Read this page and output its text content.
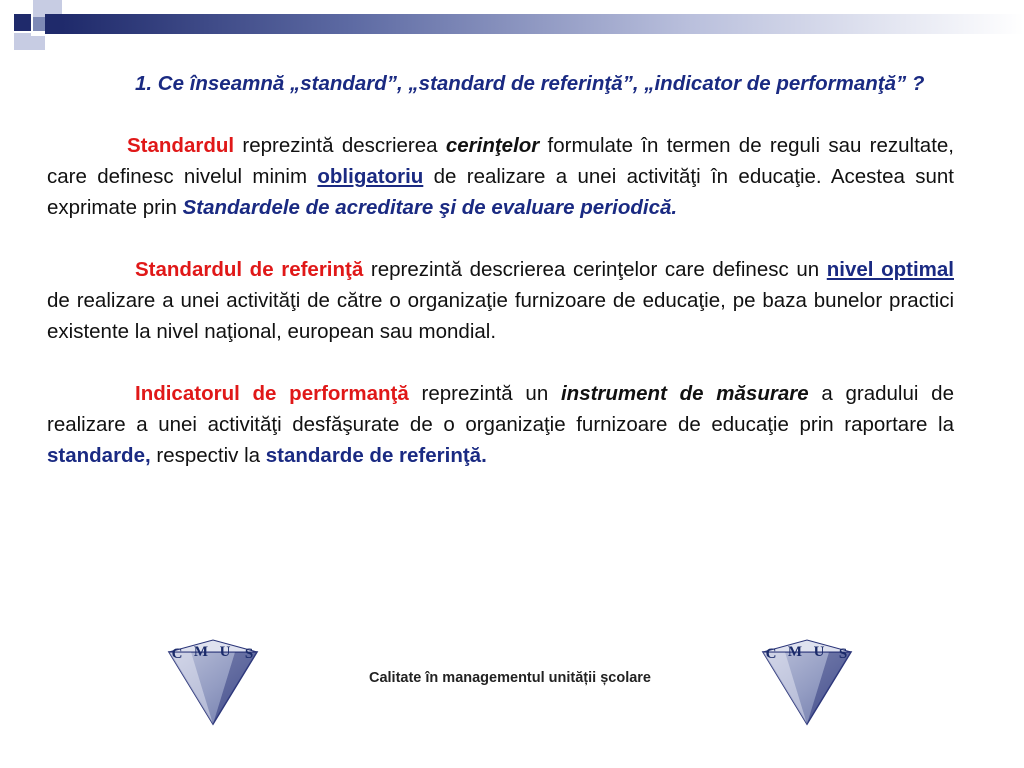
1. Ce înseamnă „standard”, „standard de referinţă”, „indicator de performanţă” ?

Standardul reprezintă descrierea cerinţelor formulate în termen de reguli sau rezultate, care definesc nivelul minim obligatoriu de realizare a unei activităţi în educaţie. Acestea sunt exprimate prin Standardele de acreditare şi de evaluare periodică.

Standardul de referinţă reprezintă descrierea cerinţelor care definesc un nivel optimal de realizare a unei activităţi de către o organizaţie furnizoare de educaţie, pe baza bunelor practici existente la nivel naţional, european sau mondial.

Indicatorul de performanţă reprezintă un instrument de măsurare a gradului de realizare a unei activităţi desfăşurate de o organizaţie furnizoare de educaţie prin raportare la standarde, respectiv la standarde de referinţă.

C M U S
Calitate în managementul unității școlare
C M U S
